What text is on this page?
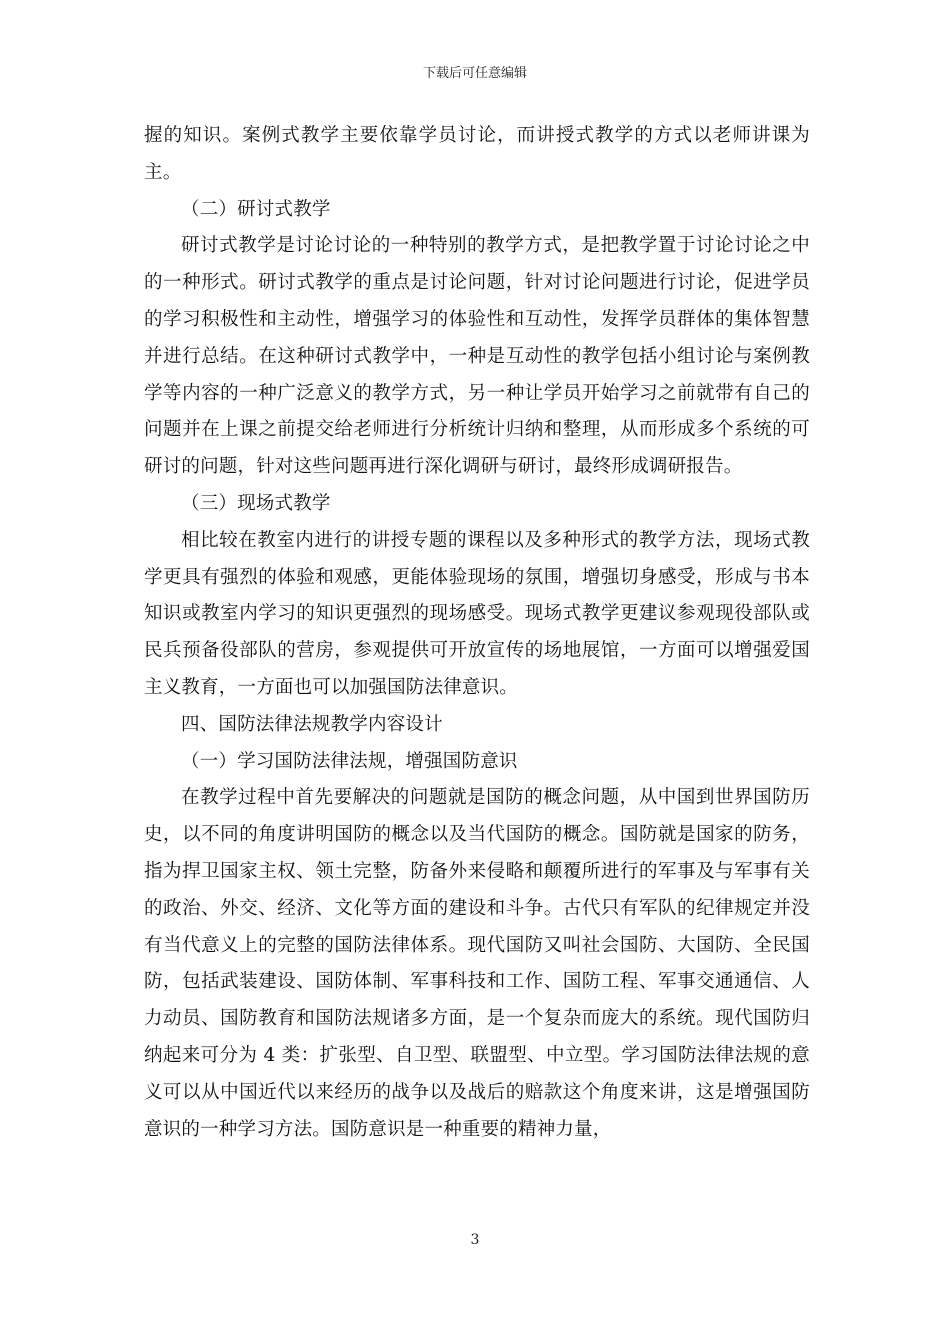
下载后可任意编辑

握的知识。案例式教学主要依靠学员讨论，而讲授式教学的方式以老师讲课为主。

（二）研讨式教学

研讨式教学是讨论讨论的一种特别的教学方式，是把教学置于讨论讨论之中的一种形式。研讨式教学的重点是讨论问题，针对讨论问题进行讨论，促进学员的学习积极性和主动性，增强学习的体验性和互动性，发挥学员群体的集体智慧并进行总结。在这种研讨式教学中，一种是互动性的教学包括小组讨论与案例教学等内容的一种广泛意义的教学方式，另一种让学员开始学习之前就带有自己的问题并在上课之前提交给老师进行分析统计归纳和整理，从而形成多个系统的可研讨的问题，针对这些问题再进行深化调研与研讨，最终形成调研报告。

（三）现场式教学

相比较在教室内进行的讲授专题的课程以及多种形式的教学方法，现场式教学更具有强烈的体验和观感，更能体验现场的氛围，增强切身感受，形成与书本知识或教室内学习的知识更强烈的现场感受。现场式教学更建议参观现役部队或民兵预备役部队的营房，参观提供可开放宣传的场地展馆，一方面可以增强爱国主义教育，一方面也可以加强国防法律意识。

四、国防法律法规教学内容设计

（一）学习国防法律法规，增强国防意识

在教学过程中首先要解决的问题就是国防的概念问题，从中国到世界国防历史，以不同的角度讲明国防的概念以及当代国防的概念。国防就是国家的防务，指为捍卫国家主权、领土完整，防备外来侵略和颠覆所进行的军事及与军事有关的政治、外交、经济、文化等方面的建设和斗争。古代只有军队的纪律规定并没有当代意义上的完整的国防法律体系。现代国防又叫社会国防、大国防、全民国防，包括武装建设、国防体制、军事科技和工作、国防工程、军事交通通信、人力动员、国防教育和国防法规诸多方面，是一个复杂而庞大的系统。现代国防归纳起来可分为 4 类：扩张型、自卫型、联盟型、中立型。学习国防法律法规的意义可以从中国近代以来经历的战争以及战后的赔款这个角度来讲，这是增强国防意识的一种学习方法。国防意识是一种重要的精神力量，

3
